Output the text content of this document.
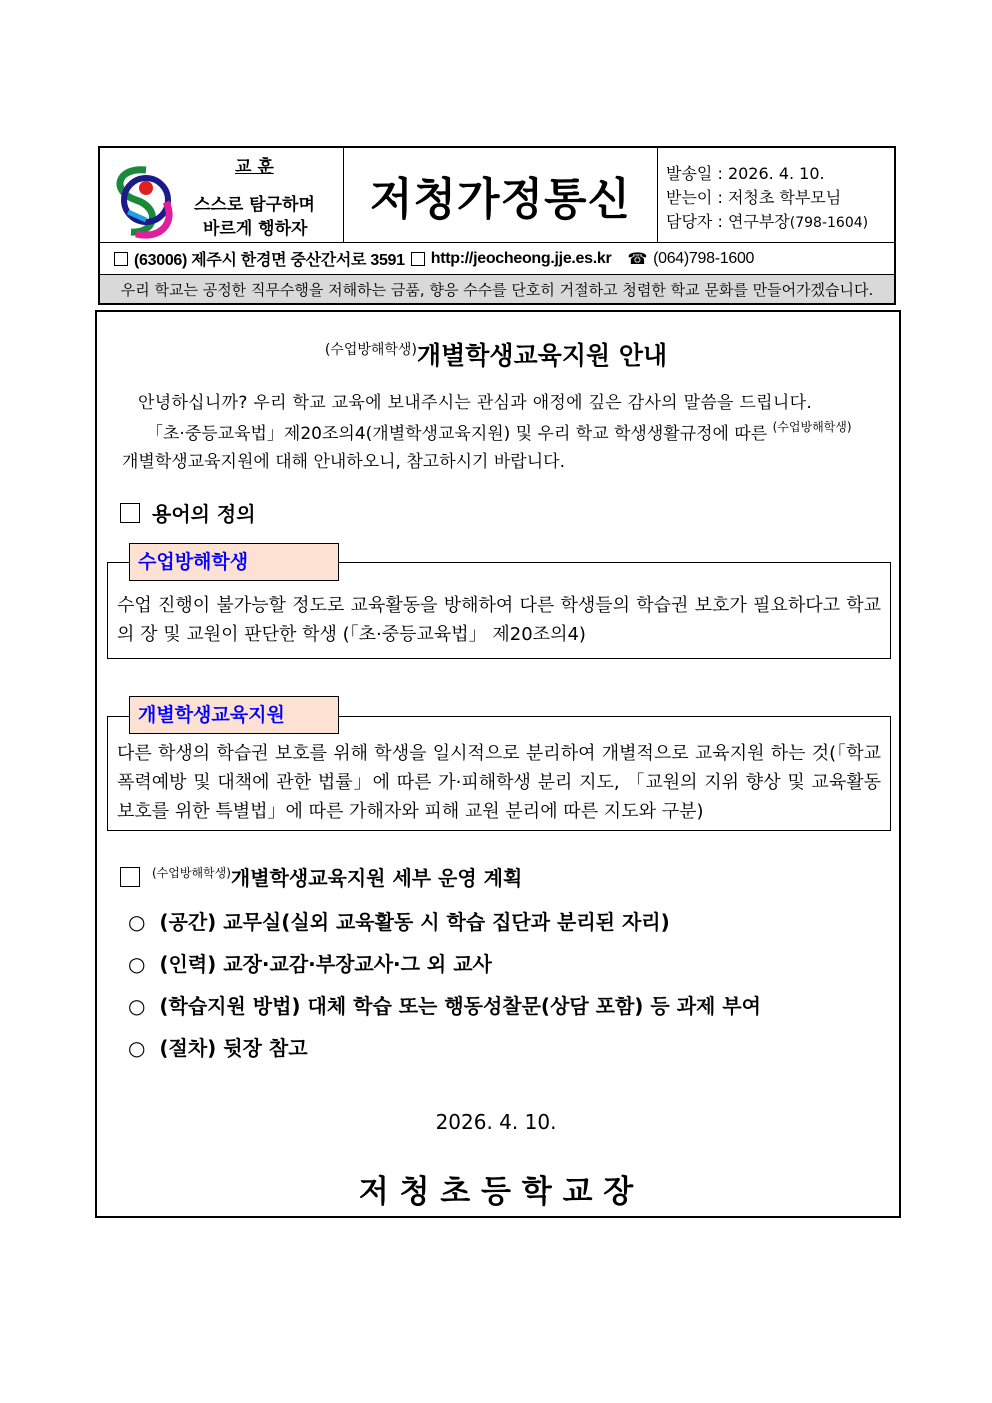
교 훈
스스로 탐구하며
바르게 행하자
저청가정통신
발송일 : 2026. 4. 10.
받는이 : 저청초 학부모님
담당자 : 연구부장(798-1604)
(63006) 제주시 한경면 중산간서로 3591 http://jeocheong.jje.es.kr ☎ (064)798-1600
우리 학교는 공정한 직무수행을 저해하는 금품, 향응 수수를 단호히 거절하고 청렴한 학교 문화를 만들어가겠습니다.
$^{(수업방해학생)}$개별학생교육지원 안내
안녕하십니까? 우리 학교 교육에 보내주시는 관심과 애정에 깊은 감사의 말씀을 드립니다.
「초·중등교육법」제20조의4(개별학생교육지원) 및 우리 학교 학생생활규정에 따른 $^{(수업방해학생)}$
개별학생교육지원에 대해 안내하오니, 참고하시기 바랍니다.
용어의 정의
수업 진행이 불가능할 정도로 교육활동을 방해하여 다른 학생들의 학습권 보호가 필요하다고 학교의 장 및 교원이 판단한 학생 (「초·중등교육법」 제20조의4)
수업방해학생
다른 학생의 학습권 보호를 위해 학생을 일시적으로 분리하여 개별적으로 교육지원 하는 것(「학교폭력예방 및 대책에 관한 법률」에 따른 가·피해학생 분리 지도, 「교원의 지위 향상 및 교육활동 보호를 위한 특별법」에 따른 가해자와 피해 교원 분리에 따른 지도와 구분)
개별학생교육지원
$^{(수업방해학생)}$개별학생교육지원 세부 운영 계획
○  (공간) 교무실(실외 교육활동 시 학습 집단과 분리된 자리)
○  (인력) 교장·교감·부장교사·그 외 교사
○  (학습지원 방법) 대체 학습 또는 행동성찰문(상담 포함) 등 과제 부여
○  (절차) 뒷장 참고
2026. 4. 10.
저 청 초 등 학 교 장
